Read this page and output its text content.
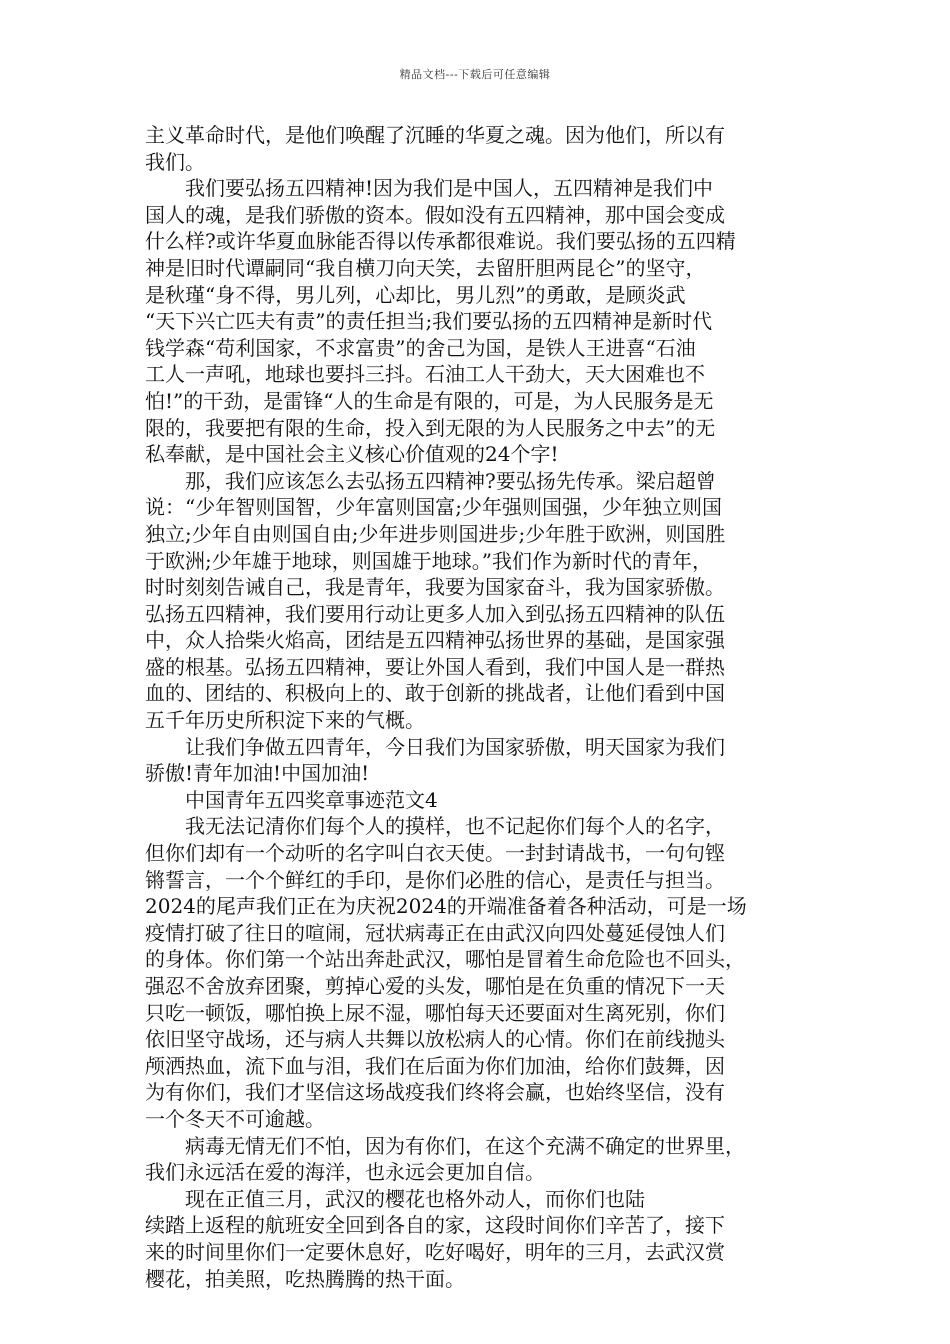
精品文档---下载后可任意编辑
主义革命时代，是他们唤醒了沉睡的华夏之魂。因为他们，所以有
我们。
　　我们要弘扬五四精神!因为我们是中国人，五四精神是我们中
国人的魂，是我们骄傲的资本。假如没有五四精神，那中国会变成
什么样?或许华夏血脉能否得以传承都很难说。我们要弘扬的五四精
神是旧时代谭嗣同“我自横刀向天笑，去留肝胆两昆仑”的坚守，
是秋瑾“身不得，男儿列，心却比，男儿烈”的勇敢，是顾炎武
“天下兴亡匹夫有责”的责任担当;我们要弘扬的五四精神是新时代
钱学森“苟利国家，不求富贵”的舍己为国，是铁人王进喜“石油
工人一声吼，地球也要抖三抖。石油工人干劲大，天大困难也不
怕!”的干劲，是雷锋“人的生命是有限的，可是，为人民服务是无
限的，我要把有限的生命，投入到无限的为人民服务之中去”的无
私奉献，是中国社会主义核心价值观的24个字!
　　那，我们应该怎么去弘扬五四精神?要弘扬先传承。梁启超曾
说：“少年智则国智，少年富则国富;少年强则国强，少年独立则国
独立;少年自由则国自由;少年进步则国进步;少年胜于欧洲，则国胜
于欧洲;少年雄于地球，则国雄于地球。”我们作为新时代的青年，
时时刻刻告诫自己，我是青年，我要为国家奋斗，我为国家骄傲。
弘扬五四精神，我们要用行动让更多人加入到弘扬五四精神的队伍
中，众人拾柴火焰高，团结是五四精神弘扬世界的基础，是国家强
盛的根基。弘扬五四精神，要让外国人看到，我们中国人是一群热
血的、团结的、积极向上的、敢于创新的挑战者，让他们看到中国
五千年历史所积淀下来的气概。
　　让我们争做五四青年，今日我们为国家骄傲，明天国家为我们
骄傲!青年加油!中国加油!
　　中国青年五四奖章事迹范文4
　　我无法记清你们每个人的摸样，也不记起你们每个人的名字，
但你们却有一个动听的名字叫白衣天使。一封封请战书，一句句铿
锵誓言，一个个鲜红的手印，是你们必胜的信心，是责任与担当。
2024的尾声我们正在为庆祝2024的开端准备着各种活动，可是一场
疫情打破了往日的喧闹，冠状病毒正在由武汉向四处蔓延侵蚀人们
的身体。你们第一个站出奔赴武汉，哪怕是冒着生命危险也不回头，
强忍不舍放弃团聚，剪掉心爱的头发，哪怕是在负重的情况下一天
只吃一顿饭，哪怕换上尿不湿，哪怕每天还要面对生离死别，你们
依旧坚守战场，还与病人共舞以放松病人的心情。你们在前线抛头
颅洒热血，流下血与泪，我们在后面为你们加油，给你们鼓舞，因
为有你们，我们才坚信这场战疫我们终将会赢，也始终坚信，没有
一个冬天不可逾越。
　　病毒无情无们不怕，因为有你们，在这个充满不确定的世界里，
我们永远活在爱的海洋，也永远会更加自信。
　　现在正值三月，武汉的樱花也格外动人，而你们也陆
续踏上返程的航班安全回到各自的家，这段时间你们辛苦了，接下
来的时间里你们一定要休息好，吃好喝好，明年的三月，去武汉赏
樱花，拍美照，吃热腾腾的热干面。
